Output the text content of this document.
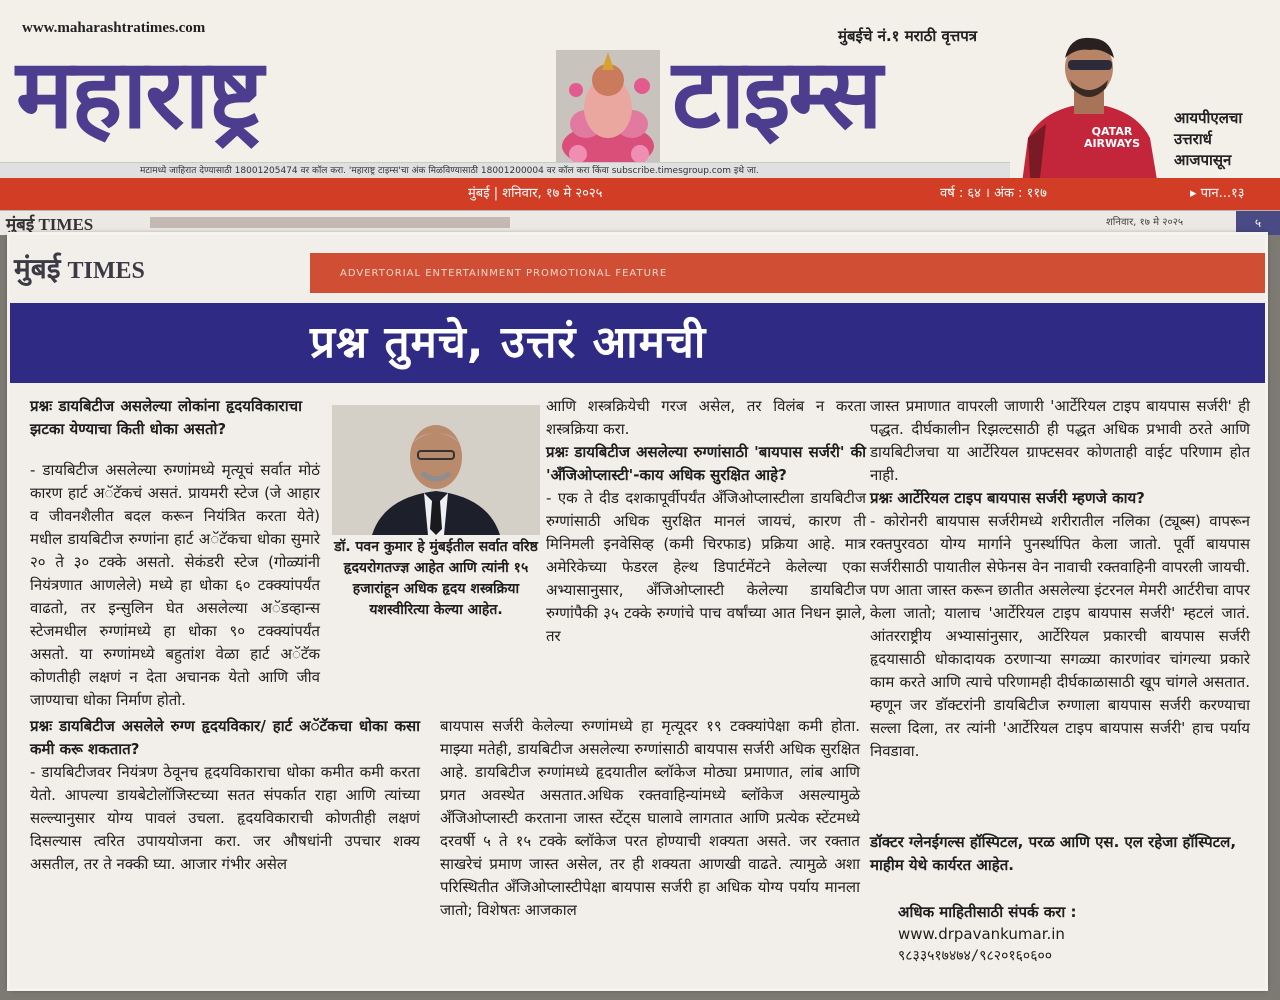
www.maharashtratimes.com	मुंबईचे नं.१ मराठी वृत्तपत्र
महाराष्ट्र	टाइम्स	QATAR AIRWAYS
आयपीएलचा उत्तरार्ध आजपासून
मटामध्ये जाहिरात देण्यासाठी 18001205474 वर कॉल करा. 'महाराष्ट्र टाइम्स'चा अंक मिळविण्यासाठी 18001200004 वर कॉल करा किंवा subscribe.timesgroup.com इथे जा.
मुंबई | शनिवार, १७ मे २०२५	वर्ष : ६४ । अंक : ११७	▸ पान...१३
मुंबई TIMES	शनिवार, १७ मे २०२५	५
मुंबई TIMES	ADVERTORIAL ENTERTAINMENT PROMOTIONAL FEATURE
प्रश्न तुमचे, उत्तरं आमची

प्रश्नः डायबिटीज असलेल्या लोकांना हृदयविकाराचा झटका येण्याचा किती धोका असतो?

डॉ. पवन कुमार हे मुंबईतील सर्वात वरिष्ठ हृदयरोगतज्ज्ञ आहेत आणि त्यांनी १५ हजारांहून अधिक हृदय शस्त्रक्रिया यशस्वीरित्या केल्या आहेत.

- डायबिटीज असलेल्या रुग्णांमध्ये मृत्यूचं सर्वात मोठं कारण हार्ट अॅटॅकचं असतं. प्रायमरी स्टेज (जे आहार व जीवनशैलीत बदल करून नियंत्रित करता येते) मधील डायबिटीज रुग्णांना हार्ट अॅटॅकचा धोका सुमारे २० ते ३० टक्के असतो. सेकंडरी स्टेज (गोळ्यांनी नियंत्रणात आणलेले) मध्ये हा धोका ६० टक्क्यांपर्यंत वाढतो, तर इन्सुलिन घेत असलेल्या अॅडव्हान्स स्टेजमधील रुग्णांमध्ये हा धोका ९० टक्क्यांपर्यंत असतो. या रुग्णांमध्ये बहुतांश वेळा हार्ट अॅटॅक कोणतीही लक्षणं न देता अचानक येतो आणि जीव जाण्याचा धोका निर्माण होतो.

प्रश्नः डायबिटीज असलेले रुग्ण हृदयविकार/ हार्ट अॅटॅकचा धोका कसा कमी करू शकतात?

- डायबिटीजवर नियंत्रण ठेवूनच हृदयविकाराचा धोका कमीत कमी करता येतो. आपल्या डायबेटोलॉजिस्टच्या सतत संपर्कात राहा आणि त्यांच्या सल्ल्यानुसार योग्य पावलं उचला. हृदयविकाराची कोणतीही लक्षणं दिसल्यास त्वरित उपाययोजना करा. जर औषधांनी उपचार शक्य असतील, तर ते नक्की घ्या. आजार गंभीर असेल

आणि शस्त्रक्रियेची गरज असेल, तर विलंब न करता शस्त्रक्रिया करा.

प्रश्नः डायबिटीज असलेल्या रुग्णांसाठी 'बायपास सर्जरी' की 'अँजिओप्लास्टी'-काय अधिक सुरक्षित आहे?

- एक ते दीड दशकापूर्वीपर्यंत अँजिओप्लास्टीला डायबिटीज रुग्णांसाठी अधिक सुरक्षित मानलं जायचं, कारण ती मिनिमली इनवेसिव्ह (कमी चिरफाड) प्रक्रिया आहे. मात्र अमेरिकेच्या फेडरल हेल्थ डिपार्टमेंटने केलेल्या एका अभ्यासानुसार, अँजिओप्लास्टी केलेल्या डायबिटीज रुग्णांपैकी ३५ टक्के रुग्णांचे पाच वर्षांच्या आत निधन झाले, तर

बायपास सर्जरी केलेल्या रुग्णांमध्ये हा मृत्यूदर १९ टक्क्यांपेक्षा कमी होता. माझ्या मतेही, डायबिटीज असलेल्या रुग्णांसाठी बायपास सर्जरी अधिक सुरक्षित आहे. डायबिटीज रुग्णांमध्ये हृदयातील ब्लॉकेज मोठ्या प्रमाणात, लांब आणि प्रगत अवस्थेत असतात.अधिक रक्तवाहिन्यांमध्ये ब्लॉकेज असल्यामुळे अँजिओप्लास्टी करताना जास्त स्टेंट्स घालावे लागतात आणि प्रत्येक स्टेंटमध्ये दरवर्षी ५ ते १५ टक्के ब्लॉकेज परत होण्याची शक्यता असते. जर रक्तात साखरेचं प्रमाण जास्त असेल, तर ही शक्यता आणखी वाढते. त्यामुळे अशा परिस्थितीत अँजिओप्लास्टीपेक्षा बायपास सर्जरी हा अधिक योग्य पर्याय मानला जातो; विशेषतः आजकाल

जास्त प्रमाणात वापरली जाणारी 'आर्टेरियल टाइप बायपास सर्जरी' ही पद्धत. दीर्घकालीन रिझल्टसाठी ही पद्धत अधिक प्रभावी ठरते आणि डायबिटीजचा या आर्टेरियल ग्राफ्टसवर कोणताही वाईट परिणाम होत नाही.

प्रश्नः आर्टेरियल टाइप बायपास सर्जरी म्हणजे काय?

- कोरोनरी बायपास सर्जरीमध्ये शरीरातील नलिका (ट्यूब्स) वापरून रक्तपुरवठा योग्य मार्गाने पुनर्स्थापित केला जातो. पूर्वी बायपास सर्जरीसाठी पायातील सेफेनस वेन नावाची रक्तवाहिनी वापरली जायची. पण आता जास्त करून छातीत असलेल्या इंटरनल मेमरी आर्टरीचा वापर केला जातो; यालाच 'आर्टेरियल टाइप बायपास सर्जरी' म्हटलं जातं. आंतरराष्ट्रीय अभ्यासांनुसार, आर्टेरियल प्रकारची बायपास सर्जरी हृदयासाठी धोकादायक ठरणाऱ्या सगळ्या कारणांवर चांगल्या प्रकारे काम करते आणि त्याचे परिणामही दीर्घकाळासाठी खूप चांगले असतात. म्हणून जर डॉक्टरांनी डायबिटीज रुग्णाला बायपास सर्जरी करण्याचा सल्ला दिला, तर त्यांनी 'आर्टेरियल टाइप बायपास सर्जरी' हाच पर्याय निवडावा.

डॉक्टर ग्लेनईगल्स हॉस्पिटल, परळ आणि एस. एल रहेजा हॉस्पिटल, माहीम येथे कार्यरत आहेत.

अधिक माहितीसाठी संपर्क करा :
www.drpavankumar.in
९८३३५१७४७४/९८२०१६०६००
